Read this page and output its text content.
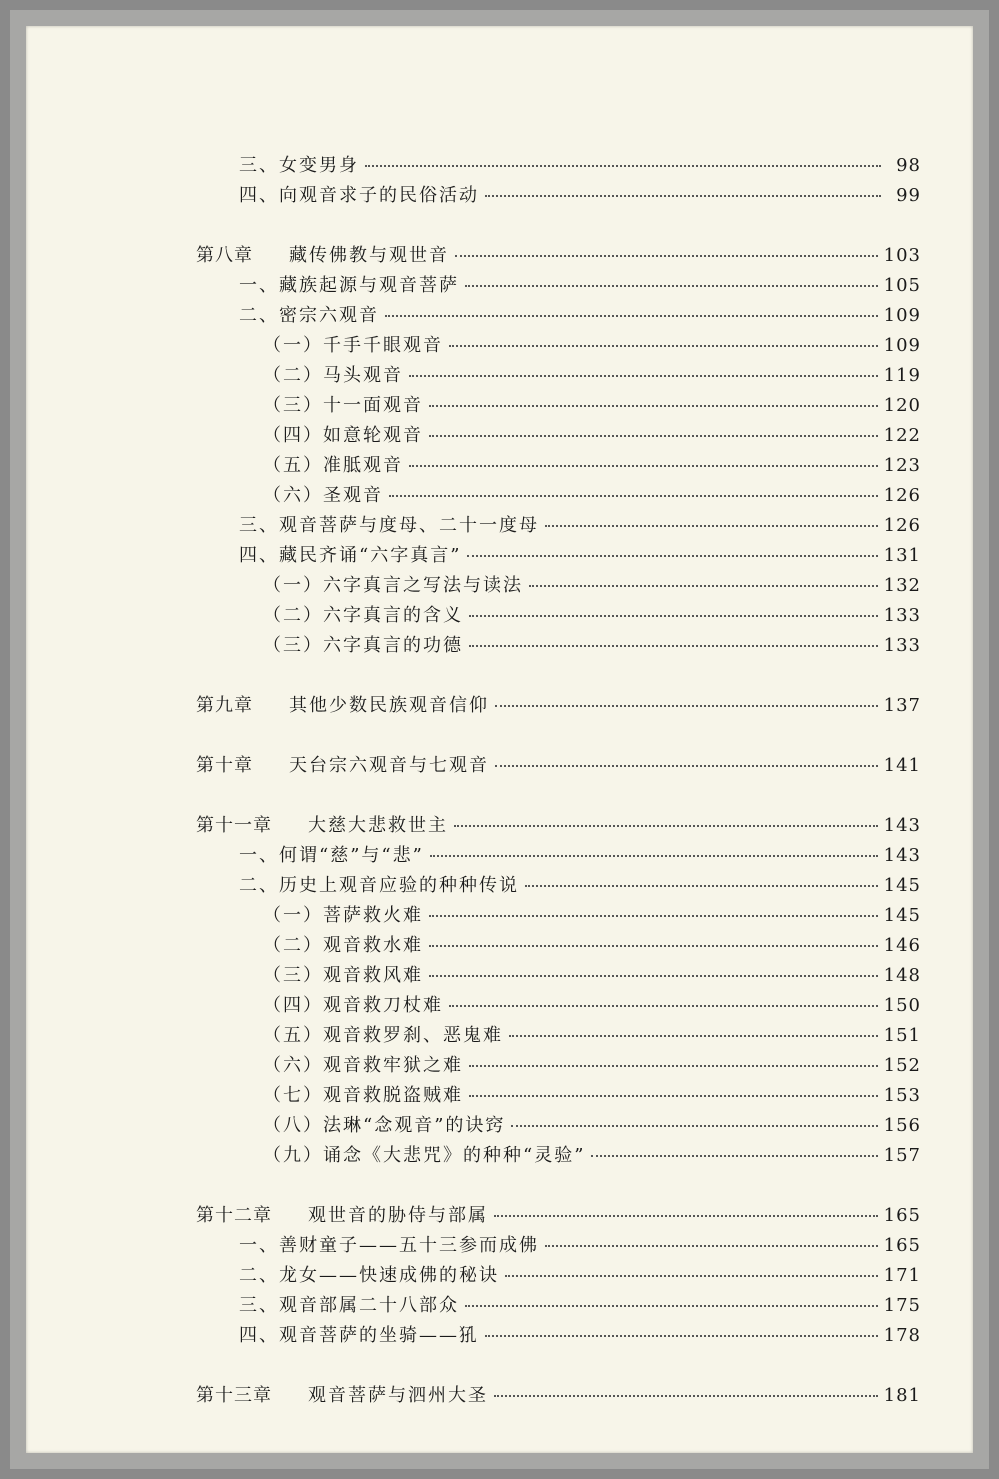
三、女变男身	98
四、向观音求子的民俗活动	99
第八章 藏传佛教与观世音	103
一、藏族起源与观音菩萨	105
二、密宗六观音	109
（一）千手千眼观音	109
（二）马头观音	119
（三）十一面观音	120
（四）如意轮观音	122
（五）准胝观音	123
（六）圣观音	126
三、观音菩萨与度母、二十一度母	126
四、藏民齐诵“六字真言”	131
（一）六字真言之写法与读法	132
（二）六字真言的含义	133
（三）六字真言的功德	133
第九章 其他少数民族观音信仰	137
第十章 天台宗六观音与七观音	141
第十一章 大慈大悲救世主	143
一、何谓“慈”与“悲”	143
二、历史上观音应验的种种传说	145
（一）菩萨救火难	145
（二）观音救水难	146
（三）观音救风难	148
（四）观音救刀杖难	150
（五）观音救罗刹、恶鬼难	151
（六）观音救牢狱之难	152
（七）观音救脱盗贼难	153
（八）法琳“念观音”的诀窍	156
（九）诵念《大悲咒》的种种“灵验”	157
第十二章 观世音的胁侍与部属	165
一、善财童子——五十三参而成佛	165
二、龙女——快速成佛的秘诀	171
三、观音部属二十八部众	175
四、观音菩萨的坐骑——犼	178
第十三章 观音菩萨与泗州大圣	181
